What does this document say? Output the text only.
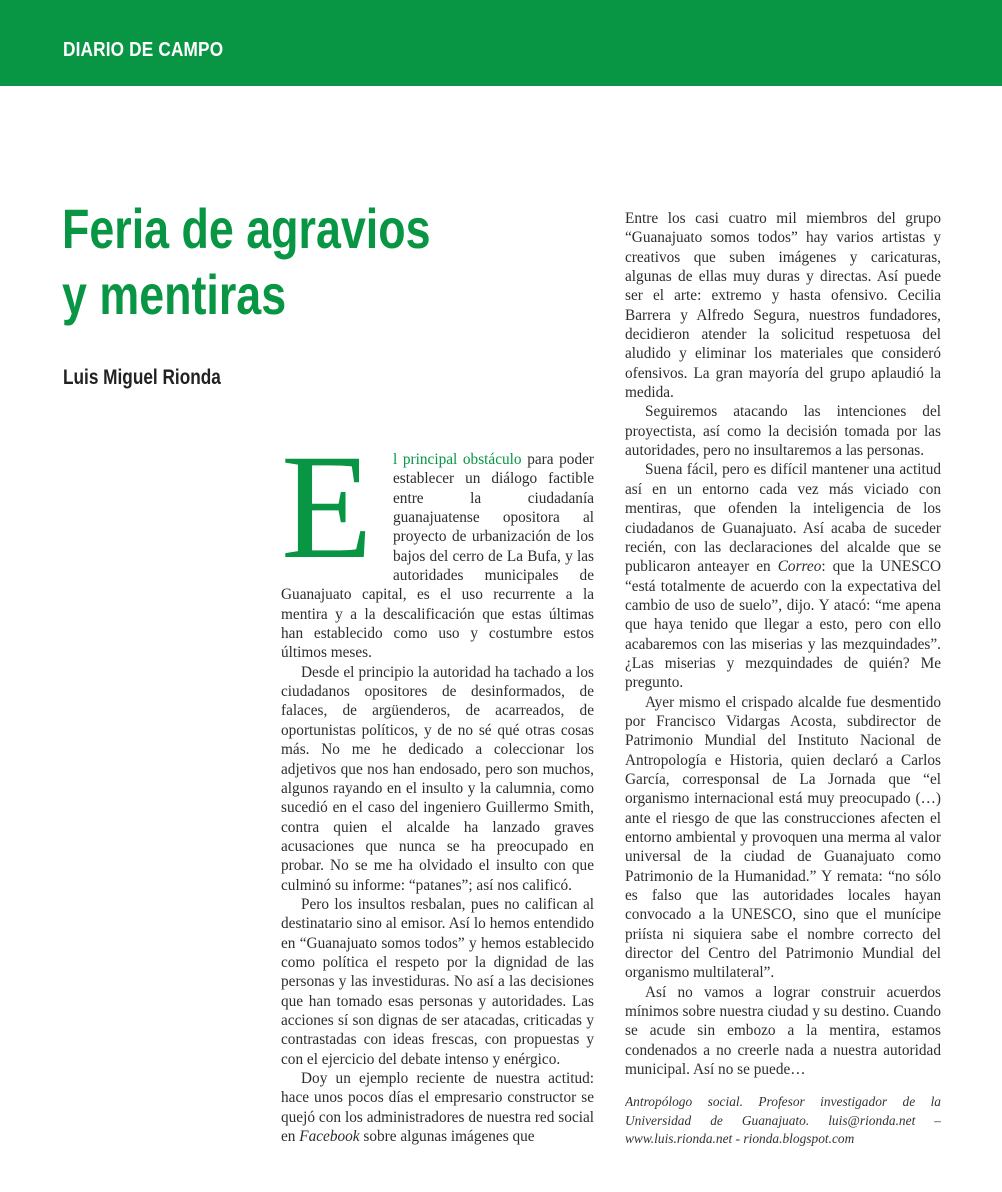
DIARIO DE CAMPO
Feria de agravios
y mentiras
Luis Miguel Rionda

E	l principal obstáculo para poder establecer un diálogo factible entre la ciudadanía guanajuatense opositora al proyecto de urbanización de los bajos del cerro de La Bufa, y las autoridades municipales de Guanajuato capital, es el uso recurrente a la mentira y a la descalificación que estas últimas han establecido como uso y costumbre estos últimos meses.

Desde el principio la autoridad ha tachado a los ciudadanos opositores de desinformados, de falaces, de argüenderos, de acarreados, de oportunistas políticos, y de no sé qué otras cosas más. No me he dedicado a coleccionar los adjetivos que nos han endosado, pero son muchos, algunos rayando en el insulto y la calumnia, como sucedió en el caso del ingeniero Guillermo Smith, contra quien el alcalde ha lanzado graves acusaciones que nunca se ha preocupado en probar. No se me ha olvidado el insulto con que culminó su informe: “patanes”; así nos calificó.

Pero los insultos resbalan, pues no califican al destinatario sino al emisor. Así lo hemos entendido en “Guanajuato somos todos” y hemos establecido como política el respeto por la dignidad de las personas y las investiduras. No así a las decisiones que han tomado esas personas y autoridades. Las acciones sí son dignas de ser atacadas, criticadas y contrastadas con ideas frescas, con propuestas y con el ejercicio del debate intenso y enérgico.

Doy un ejemplo reciente de nuestra actitud: hace unos pocos días el empresario constructor se quejó con los administradores de nuestra red social en Facebook sobre algunas imágenes que

Entre los casi cuatro mil miembros del grupo “Guanajuato somos todos” hay varios artistas y creativos que suben imágenes y caricaturas, algunas de ellas muy duras y directas. Así puede ser el arte: extremo y hasta ofensivo. Cecilia Barrera y Alfredo Segura, nuestros fundadores, decidieron atender la solicitud respetuosa del aludido y eliminar los materiales que consideró ofensivos. La gran mayoría del grupo aplaudió la medida.

Seguiremos atacando las intenciones del proyectista, así como la decisión tomada por las autoridades, pero no insultaremos a las personas.

Suena fácil, pero es difícil mantener una actitud así en un entorno cada vez más viciado con mentiras, que ofenden la inteligencia de los ciudadanos de Guanajuato. Así acaba de suceder recién, con las declaraciones del alcalde que se publicaron anteayer en Correo: que la UNESCO “está totalmente de acuerdo con la expectativa del cambio de uso de suelo”, dijo. Y atacó: “me apena que haya tenido que llegar a esto, pero con ello acabaremos con las miserias y las mezquindades”. ¿Las miserias y mezquindades de quién? Me pregunto.

Ayer mismo el crispado alcalde fue desmentido por Francisco Vidargas Acosta, subdirector de Patrimonio Mundial del Instituto Nacional de Antropología e Historia, quien declaró a Carlos García, corresponsal de La Jornada que “el organismo internacional está muy preocupado (…) ante el riesgo de que las construcciones afecten el entorno ambiental y provoquen una merma al valor universal de la ciudad de Guanajuato como Patrimonio de la Humanidad.” Y remata: “no sólo es falso que las autoridades locales hayan convocado a la UNESCO, sino que el munícipe priísta ni siquiera sabe el nombre correcto del director del Centro del Patrimonio Mundial del organismo multilateral”.

Así no vamos a lograr construir acuerdos mínimos sobre nuestra ciudad y su destino. Cuando se acude sin embozo a la mentira, estamos condenados a no creerle nada a nuestra autoridad municipal. Así no se puede…

Antropólogo social. Profesor investigador de la Universidad de Guanajuato. luis@rionda.net – www.luis.rionda.net - rionda.blogspot.com
